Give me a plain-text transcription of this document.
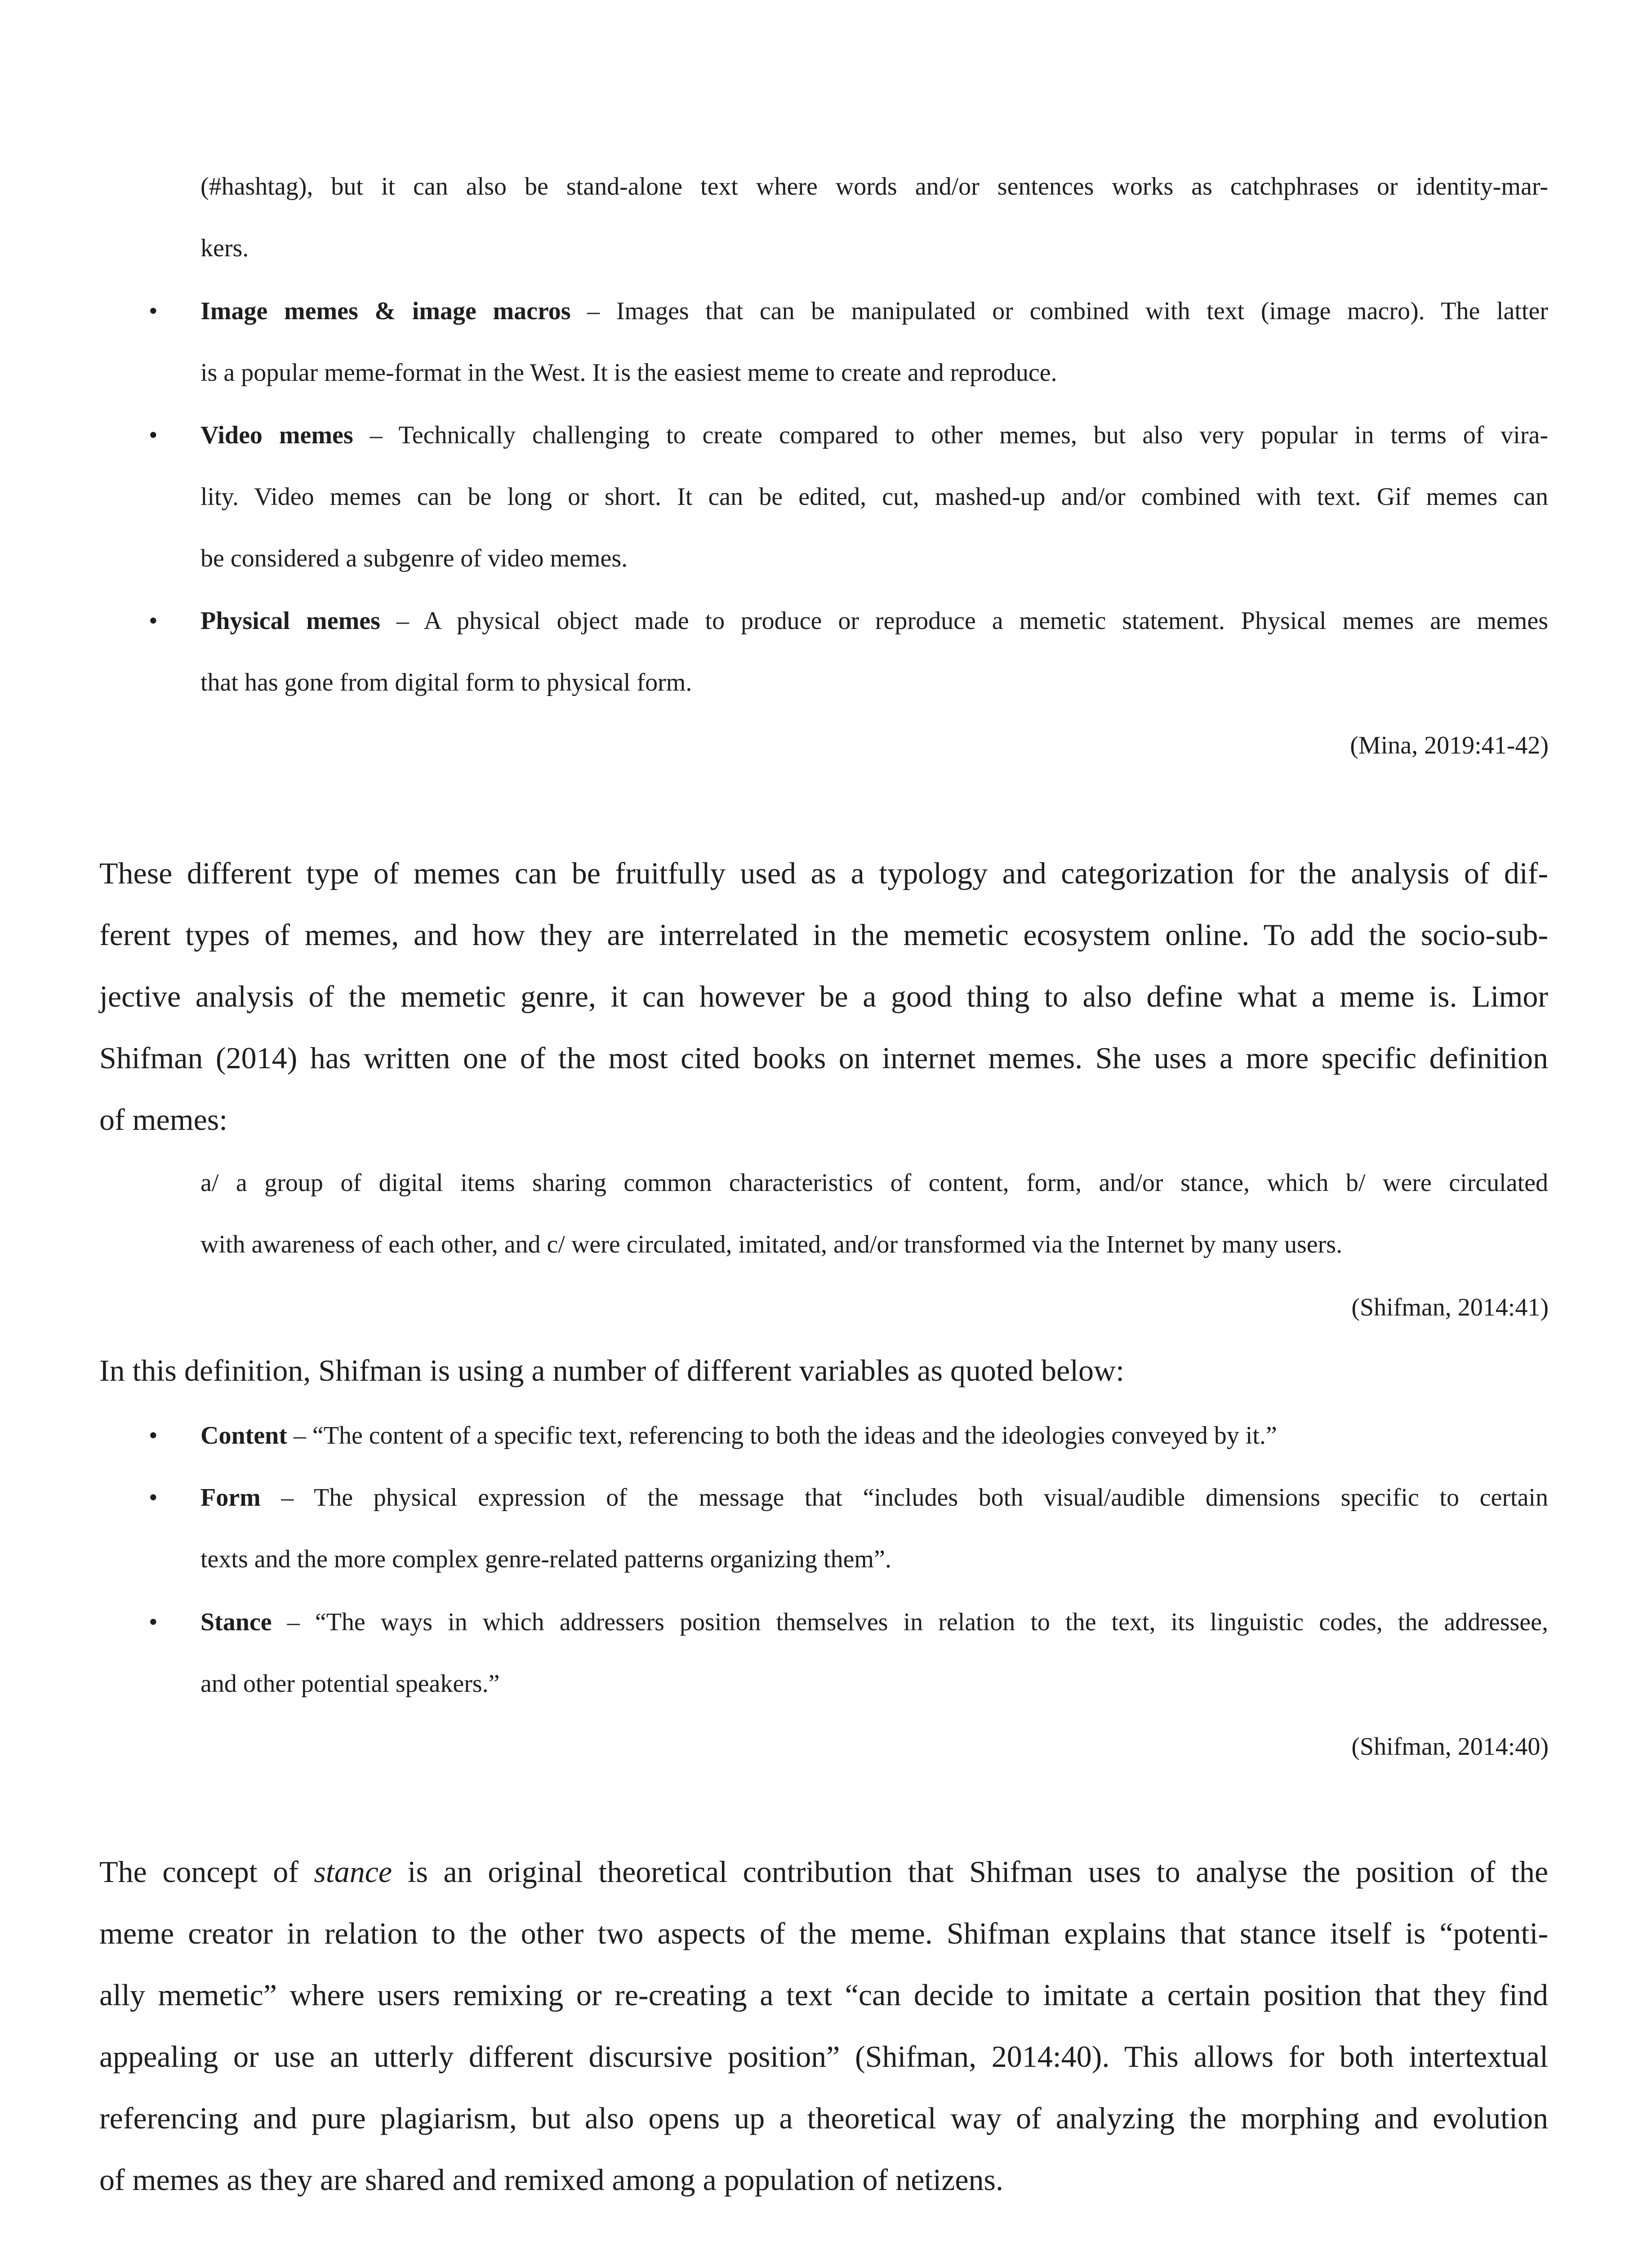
(#hashtag), but it can also be stand-alone text where words and/or sentences works as catchphrases or identity-mar-
kers.
•	Image memes & image macros – Images that can be manipulated or combined with text (image macro). The latter
is a popular meme-format in the West. It is the easiest meme to create and reproduce.
•	Video memes – Technically challenging to create compared to other memes, but also very popular in terms of vira-
lity. Video memes can be long or short. It can be edited, cut, mashed-up and/or combined with text. Gif memes can
be considered a subgenre of video memes.
•	Physical memes – A physical object made to produce or reproduce a memetic statement. Physical memes are memes
that has gone from digital form to physical form.
(Mina, 2019:41-42)
These different type of memes can be fruitfully used as a typology and categorization for the analysis of dif-
ferent types of memes, and how they are interrelated in the memetic ecosystem online. To add the socio-sub-
jective analysis of the memetic genre, it can however be a good thing to also define what a meme is. Limor
Shifman (2014) has written one of the most cited books on internet memes. She uses a more specific definition
of memes:
a/ a group of digital items sharing common characteristics of content, form, and/or stance, which b/ were circulated
with awareness of each other, and c/ were circulated, imitated, and/or transformed via the Internet by many users.
(Shifman, 2014:41)
In this definition, Shifman is using a number of different variables as quoted below:
•	Content – “The content of a specific text, referencing to both the ideas and the ideologies conveyed by it.”
•	Form – The physical expression of the message that “includes both visual/audible dimensions specific to certain
texts and the more complex genre-related patterns organizing them”.
•	Stance – “The ways in which addressers position themselves in relation to the text, its linguistic codes, the addressee,
and other potential speakers.”
(Shifman, 2014:40)
The concept of stance is an original theoretical contribution that Shifman uses to analyse the position of the
meme creator in relation to the other two aspects of the meme. Shifman explains that stance itself is “potenti-
ally memetic” where users remixing or re-creating a text “can decide to imitate a certain position that they find
appealing or use an utterly different discursive position” (Shifman, 2014:40). This allows for both intertextual
referencing and pure plagiarism, but also opens up a theoretical way of analyzing the morphing and evolution
of memes as they are shared and remixed among a population of netizens.
